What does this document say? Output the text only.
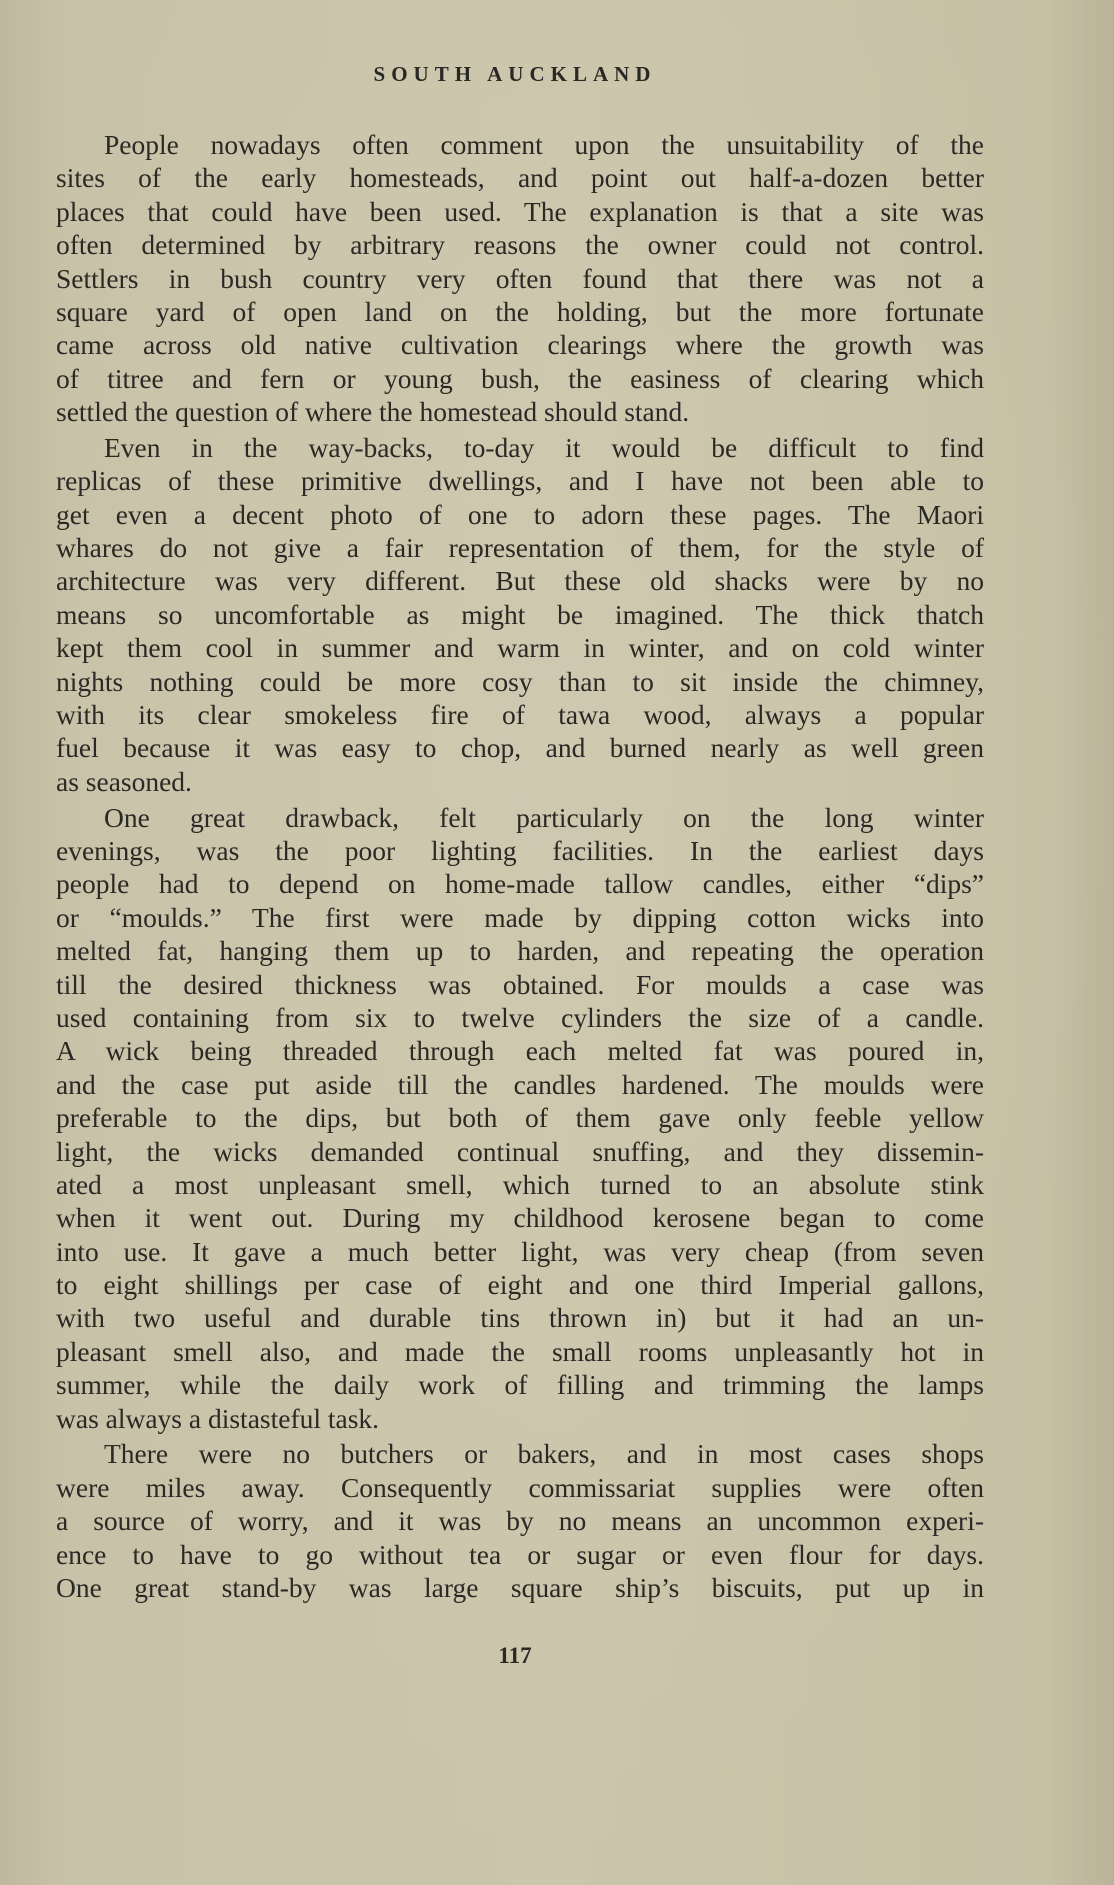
SOUTH AUCKLAND
People nowadays often comment upon the unsuitability of the
sites of the early homesteads, and point out half-a-dozen better
places that could have been used. The explanation is that a site was
often determined by arbitrary reasons the owner could not control.
Settlers in bush country very often found that there was not a
square yard of open land on the holding, but the more fortunate
came across old native cultivation clearings where the growth was
of titree and fern or young bush, the easiness of clearing which
settled the question of where the homestead should stand.
Even in the way-backs, to-day it would be difficult to find
replicas of these primitive dwellings, and I have not been able to
get even a decent photo of one to adorn these pages. The Maori
whares do not give a fair representation of them, for the style of
architecture was very different. But these old shacks were by no
means so uncomfortable as might be imagined. The thick thatch
kept them cool in summer and warm in winter, and on cold winter
nights nothing could be more cosy than to sit inside the chimney,
with its clear smokeless fire of tawa wood, always a popular
fuel because it was easy to chop, and burned nearly as well green
as seasoned.
One great drawback, felt particularly on the long winter
evenings, was the poor lighting facilities. In the earliest days
people had to depend on home-made tallow candles, either “dips”
or “moulds.” The first were made by dipping cotton wicks into
melted fat, hanging them up to harden, and repeating the operation
till the desired thickness was obtained. For moulds a case was
used containing from six to twelve cylinders the size of a candle.
A wick being threaded through each melted fat was poured in,
and the case put aside till the candles hardened. The moulds were
preferable to the dips, but both of them gave only feeble yellow
light, the wicks demanded continual snuffing, and they dissemin-
ated a most unpleasant smell, which turned to an absolute stink
when it went out. During my childhood kerosene began to come
into use. It gave a much better light, was very cheap (from seven
to eight shillings per case of eight and one third Imperial gallons,
with two useful and durable tins thrown in) but it had an un-
pleasant smell also, and made the small rooms unpleasantly hot in
summer, while the daily work of filling and trimming the lamps
was always a distasteful task.
There were no butchers or bakers, and in most cases shops
were miles away. Consequently commissariat supplies were often
a source of worry, and it was by no means an uncommon experi-
ence to have to go without tea or sugar or even flour for days.
One great stand-by was large square ship’s biscuits, put up in
117
